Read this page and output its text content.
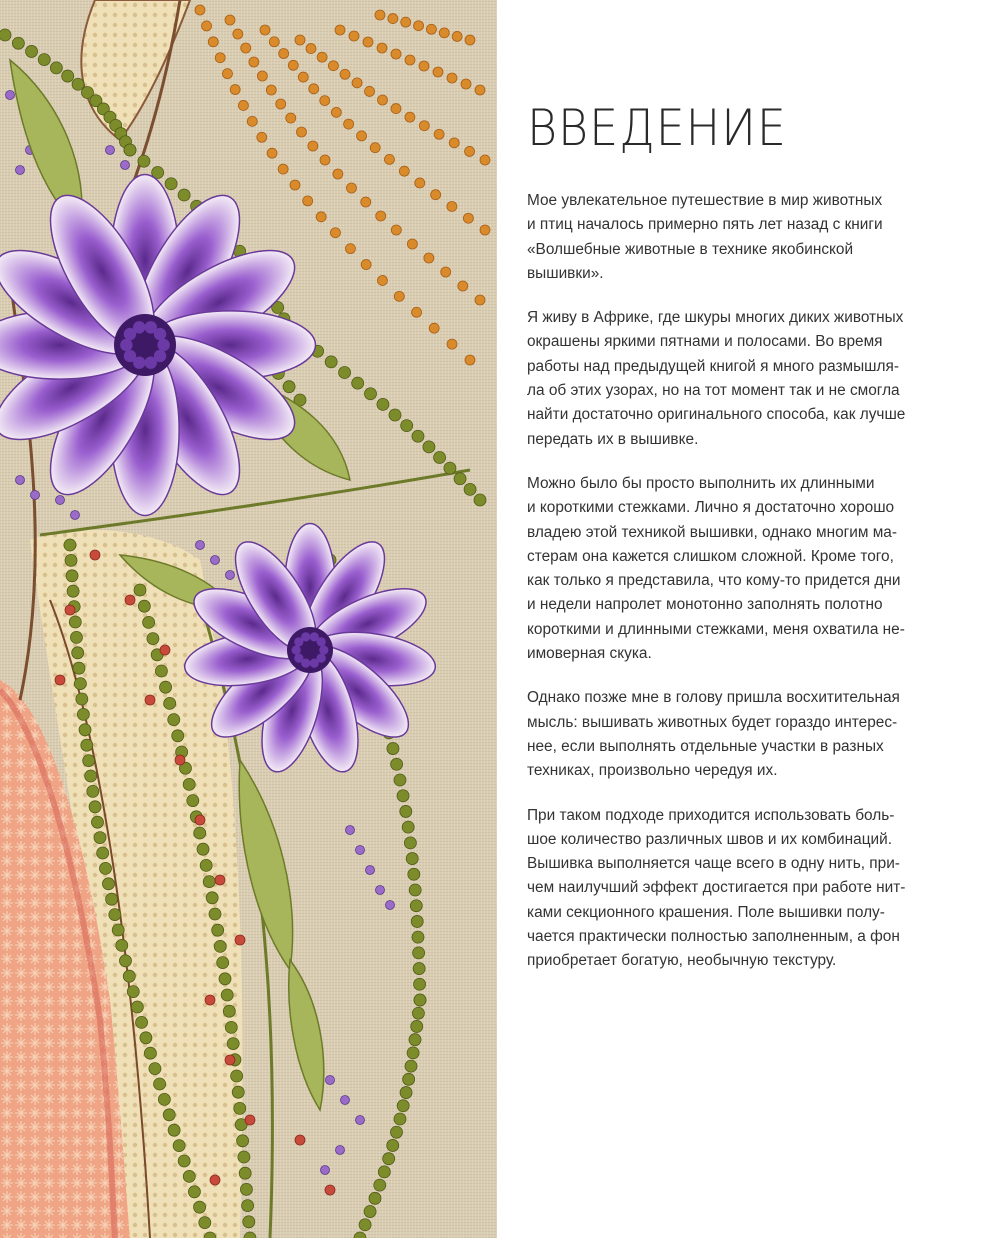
ВВЕДЕНИЕ

Мое увлекательное путешествие в мир животных
и птиц началось примерно пять лет назад с книги
«Волшебные животные в технике якобинской
вышивки».

Я живу в Африке, где шкуры многих диких животных
окрашены яркими пятнами и полосами. Во время
работы над предыдущей книгой я много размышля-
ла об этих узорах, но на тот момент так и не смогла
найти достаточно оригинального способа, как лучше
передать их в вышивке.

Можно было бы просто выполнить их длинными
и короткими стежками. Лично я достаточно хорошо
владею этой техникой вышивки, однако многим ма-
стерам она кажется слишком сложной. Кроме того,
как только я представила, что кому-то придется дни
и недели напролет монотонно заполнять полотно
короткими и длинными стежками, меня охватила не-
имоверная скука.

Однако позже мне в голову пришла восхитительная
мысль: вышивать животных будет гораздо интерес-
нее, если выполнять отдельные участки в разных
техниках, произвольно чередуя их.

При таком подходе приходится использовать боль-
шое количество различных швов и их комбинаций.
Вышивка выполняется чаще всего в одну нить, при-
чем наилучший эффект достигается при работе нит-
ками секционного крашения. Поле вышивки полу-
чается практически полностью заполненным, а фон
приобретает богатую, необычную текстуру.
